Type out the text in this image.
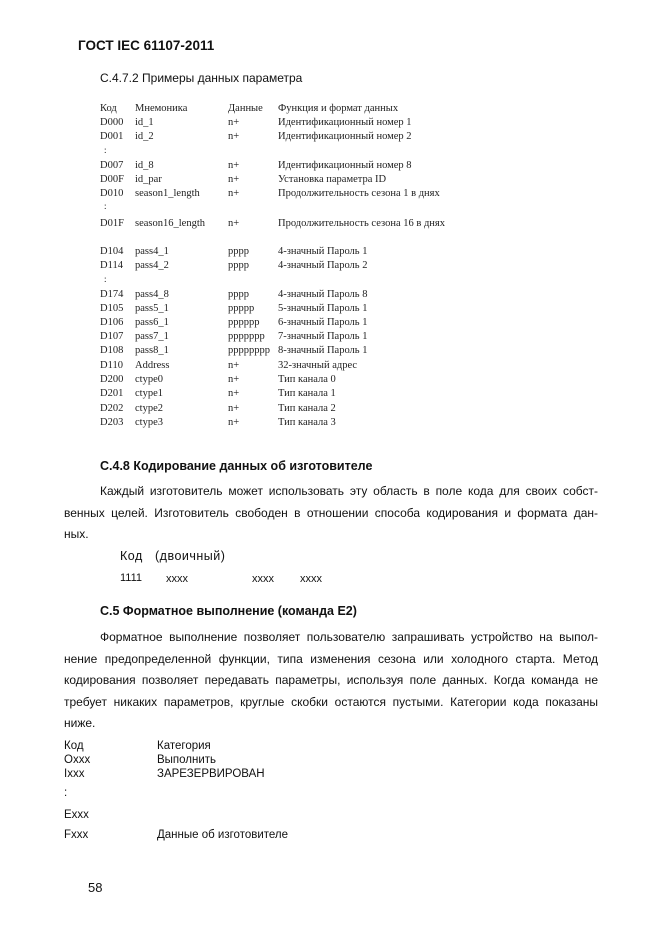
ГОСТ IEC 61107-2011
С.4.7.2 Примеры данных параметра
Код Мнемоника	Данные Функция и формат данных
D000 id_1	n+	Идентификационный номер 1
D001 id_2	n+	Идентификационный номер 2
:
D007 id_8	n+	Идентификационный номер 8
D00F id_par	n+	Установка параметра ID
D010 season1_length	n+	Продолжительность сезона 1 в днях
:
D01F season16_length n+	Продолжительность сезона 16 в днях
D104 pass4_1	pppp	4-значный Пароль 1
D114 pass4_2	pppp	4-значный Пароль 2
:
D174 pass4_8	pppp	4-значный Пароль 8
D105 pass5_1	ppppp 5-значный Пароль 1
D106 pass6_1	pppppp 6-значный Пароль 1
D107 pass7_1	ppppppp 7-значный Пароль 1
D108 pass8_1	pppppppp 8-значный Пароль 1
D110 Address	n+	32-значный адрес
D200 ctype0	n+	Тип канала 0
D201 ctype1	n+	Тип канала 1
D202 ctype2	n+	Тип канала 2
D203 ctype3	n+	Тип канала 3
С.4.8 Кодирование данных об изготовителе
Каждый изготовитель может использовать эту область в поле кода для своих собст-
венных целей. Изготовитель свободен в отношении способа кодирования и формата дан-
ных.
Код (двоичный)
1111 xxxx	xxxx xxxx
С.5 Форматное выполнение (команда E2)
Форматное выполнение позволяет пользователю запрашивать устройство на выпол-
нение предопределенной функции, типа изменения сезона или холодного старта. Метод
кодирования позволяет передавать параметры, используя поле данных. Когда команда не
требует никаких параметров, круглые скобки остаются пустыми. Категории кода показаны
ниже.
Код	Категория
Oxxx	Выполнить
Ixxx	ЗАРЕЗЕРВИРОВАН
:
Exxx
Fxxx	Данные об изготовителе
58
